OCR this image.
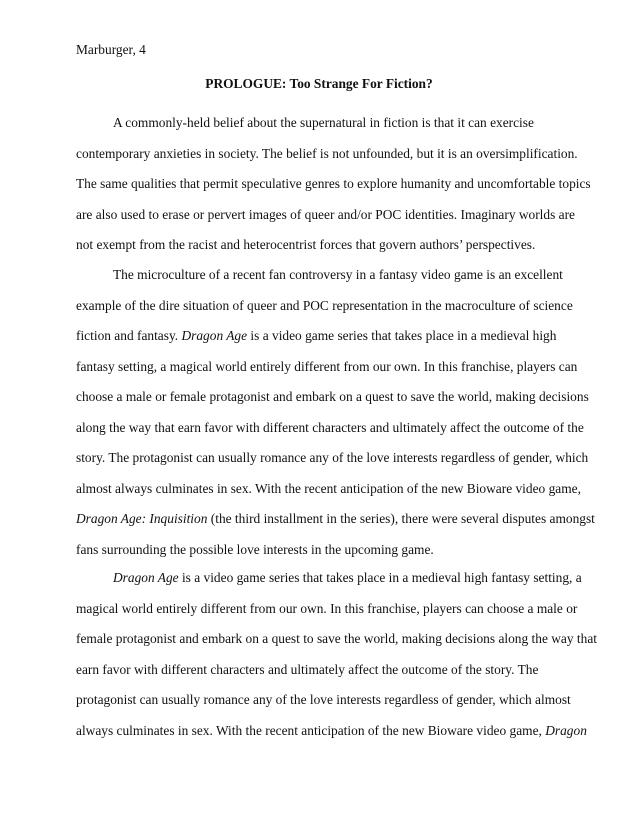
Marburger, 4
PROLOGUE: Too Strange For Fiction?
A commonly-held belief about the supernatural in fiction is that it can exercise
contemporary anxieties in society. The belief is not unfounded, but it is an oversimplification.
The same qualities that permit speculative genres to explore humanity and uncomfortable topics
are also used to erase or pervert images of queer and/or POC identities. Imaginary worlds are
not exempt from the racist and heterocentrist forces that govern authors’ perspectives.
The microculture of a recent fan controversy in a fantasy video game is an excellent
example of the dire situation of queer and POC representation in the macroculture of science
fiction and fantasy. Dragon Age is a video game series that takes place in a medieval high
fantasy setting, a magical world entirely different from our own. In this franchise, players can
choose a male or female protagonist and embark on a quest to save the world, making decisions
along the way that earn favor with different characters and ultimately affect the outcome of the
story. The protagonist can usually romance any of the love interests regardless of gender, which
almost always culminates in sex. With the recent anticipation of the new Bioware video game,
Dragon Age: Inquisition (the third installment in the series), there were several disputes amongst
fans surrounding the possible love interests in the upcoming game.
Dragon Age is a video game series that takes place in a medieval high fantasy setting, a
magical world entirely different from our own. In this franchise, players can choose a male or
female protagonist and embark on a quest to save the world, making decisions along the way that
earn favor with different characters and ultimately affect the outcome of the story. The
protagonist can usually romance any of the love interests regardless of gender, which almost
always culminates in sex. With the recent anticipation of the new Bioware video game, Dragon
